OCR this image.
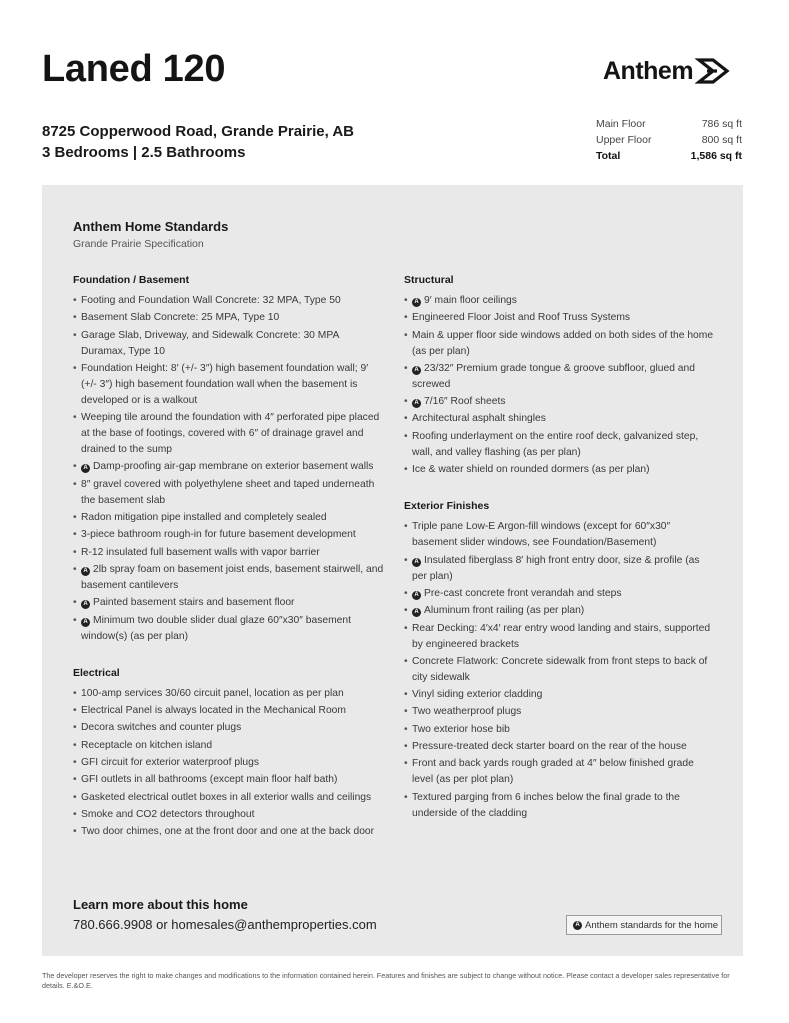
Laned 120	Anthem
8725 Copperwood Road, Grande Prairie, AB
3 Bedrooms | 2.5 Bathrooms
Main Floor	786 sq ft
Upper Floor	800 sq ft
Total	1,586 sq ft
Anthem Home Standards
Grande Prairie Specification
Foundation / Basement
• Footing and Foundation Wall Concrete: 32 MPA, Type 50
• Basement Slab Concrete: 25 MPA, Type 10
• Garage Slab, Driveway, and Sidewalk Concrete: 30 MPA Duramax, Type 10
• Foundation Height: 8′ (+/- 3″) high basement foundation wall; 9′ (+/- 3″) high basement foundation wall when the basement is developed or is a walkout
• Weeping tile around the foundation with 4″ perforated pipe placed at the base of footings, covered with 6″ of drainage gravel and drained to the sump
• A Damp-proofing air-gap membrane on exterior basement walls
• 8″ gravel covered with polyethylene sheet and taped underneath the basement slab
• Radon mitigation pipe installed and completely sealed
• 3-piece bathroom rough-in for future basement development
• R-12 insulated full basement walls with vapor barrier
• A 2lb spray foam on basement joist ends, basement stairwell, and basement cantilevers
• A Painted basement stairs and basement floor
• A Minimum two double slider dual glaze 60″x30″ basement window(s) (as per plan)
Electrical
• 100-amp services 30/60 circuit panel, location as per plan
• Electrical Panel is always located in the Mechanical Room
• Decora switches and counter plugs
• Receptacle on kitchen island
• GFI circuit for exterior waterproof plugs
• GFI outlets in all bathrooms (except main floor half bath)
• Gasketed electrical outlet boxes in all exterior walls and ceilings
• Smoke and CO2 detectors throughout
• Two door chimes, one at the front door and one at the back door
Structural
• A 9′ main floor ceilings
• Engineered Floor Joist and Roof Truss Systems
• Main & upper floor side windows added on both sides of the home (as per plan)
• A 23/32″ Premium grade tongue & groove subfloor, glued and screwed
• A 7/16″ Roof sheets
• Architectural asphalt shingles
• Roofing underlayment on the entire roof deck, galvanized step, wall, and valley flashing (as per plan)
• Ice & water shield on rounded dormers (as per plan)
Exterior Finishes
• Triple pane Low-E Argon-fill windows (except for 60″x30″ basement slider windows, see Foundation/Basement)
• A Insulated fiberglass 8′ high front entry door, size & profile (as per plan)
• A Pre-cast concrete front verandah and steps
• A Aluminum front railing (as per plan)
• Rear Decking: 4′x4′ rear entry wood landing and stairs, supported by engineered brackets
• Concrete Flatwork: Concrete sidewalk from front steps to back of city sidewalk
• Vinyl siding exterior cladding
• Two weatherproof plugs
• Two exterior hose bib
• Pressure-treated deck starter board on the rear of the house
• Front and back yards rough graded at 4″ below finished grade level (as per plot plan)
• Textured parging from 6 inches below the final grade to the underside of the cladding
Learn more about this home
780.666.9908 or homesales@anthemproperties.com	A Anthem standards for the home
The developer reserves the right to make changes and modifications to the information contained herein. Features and finishes are subject to change without notice. Please contact a developer sales representative for details. E.&O.E.
